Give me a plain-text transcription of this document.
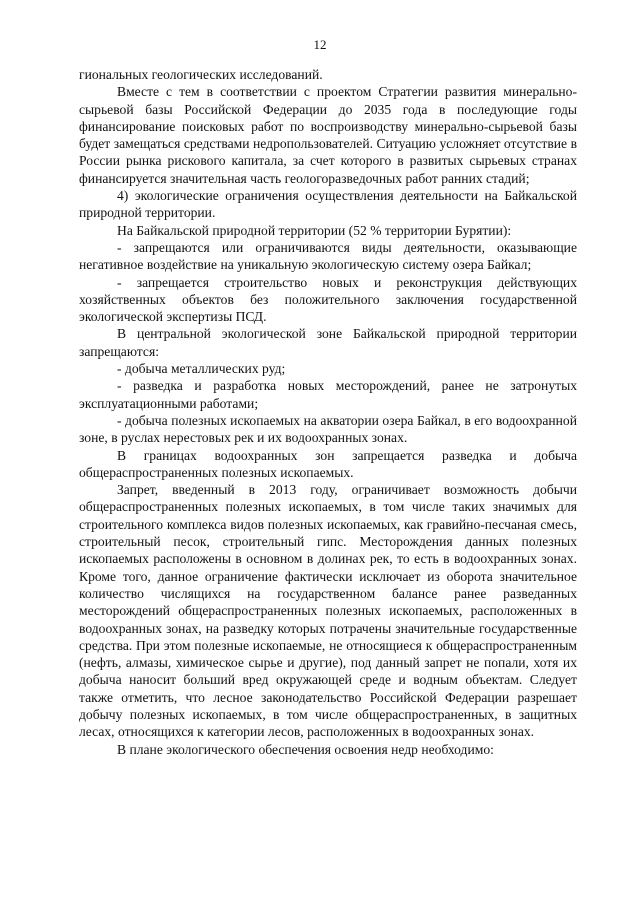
12

гиональных геологических исследований.

Вместе с тем в соответствии с проектом Стратегии развития минерально-сырьевой базы Российской Федерации до 2035 года в последующие годы финансирование поисковых работ по воспроизводству минерально-сырьевой базы будет замещаться средствами недропользователей. Ситуацию усложняет отсутствие в России рынка рискового капитала, за счет которого в развитых сырьевых странах финансируется значительная часть геологоразведочных работ ранних стадий;

4) экологические ограничения осуществления деятельности на Байкальской природной территории.

На Байкальской природной территории (52 % территории Бурятии):

- запрещаются или ограничиваются виды деятельности, оказывающие негативное воздействие на уникальную экологическую систему озера Байкал;

- запрещается строительство новых и реконструкция действующих хозяйственных объектов без положительного заключения государственной экологической экспертизы ПСД.

В центральной экологической зоне Байкальской природной территории запрещаются:

- добыча металлических руд;

- разведка и разработка новых месторождений, ранее не затронутых эксплуатационными работами;

- добыча полезных ископаемых на акватории озера Байкал, в его водоохранной зоне, в руслах нерестовых рек и их водоохранных зонах.

В границах водоохранных зон запрещается разведка и добыча общераспространенных полезных ископаемых.

Запрет, введенный в 2013 году, ограничивает возможность добычи общераспространенных полезных ископаемых, в том числе таких значимых для строительного комплекса видов полезных ископаемых, как гравийно-песчаная смесь, строительный песок, строительный гипс. Месторождения данных полезных ископаемых расположены в основном в долинах рек, то есть в водоохранных зонах. Кроме того, данное ограничение фактически исключает из оборота значительное количество числящихся на государственном балансе ранее разведанных месторождений общераспространенных полезных ископаемых, расположенных в водоохранных зонах, на разведку которых потрачены значительные государственные средства. При этом полезные ископаемые, не относящиеся к общераспространенным (нефть, алмазы, химическое сырье и другие), под данный запрет не попали, хотя их добыча наносит больший вред окружающей среде и водным объектам. Следует также отметить, что лесное законодательство Российской Федерации разрешает добычу полезных ископаемых, в том числе общераспространенных, в защитных лесах, относящихся к категории лесов, расположенных в водоохранных зонах.

В плане экологического обеспечения освоения недр необходимо:
